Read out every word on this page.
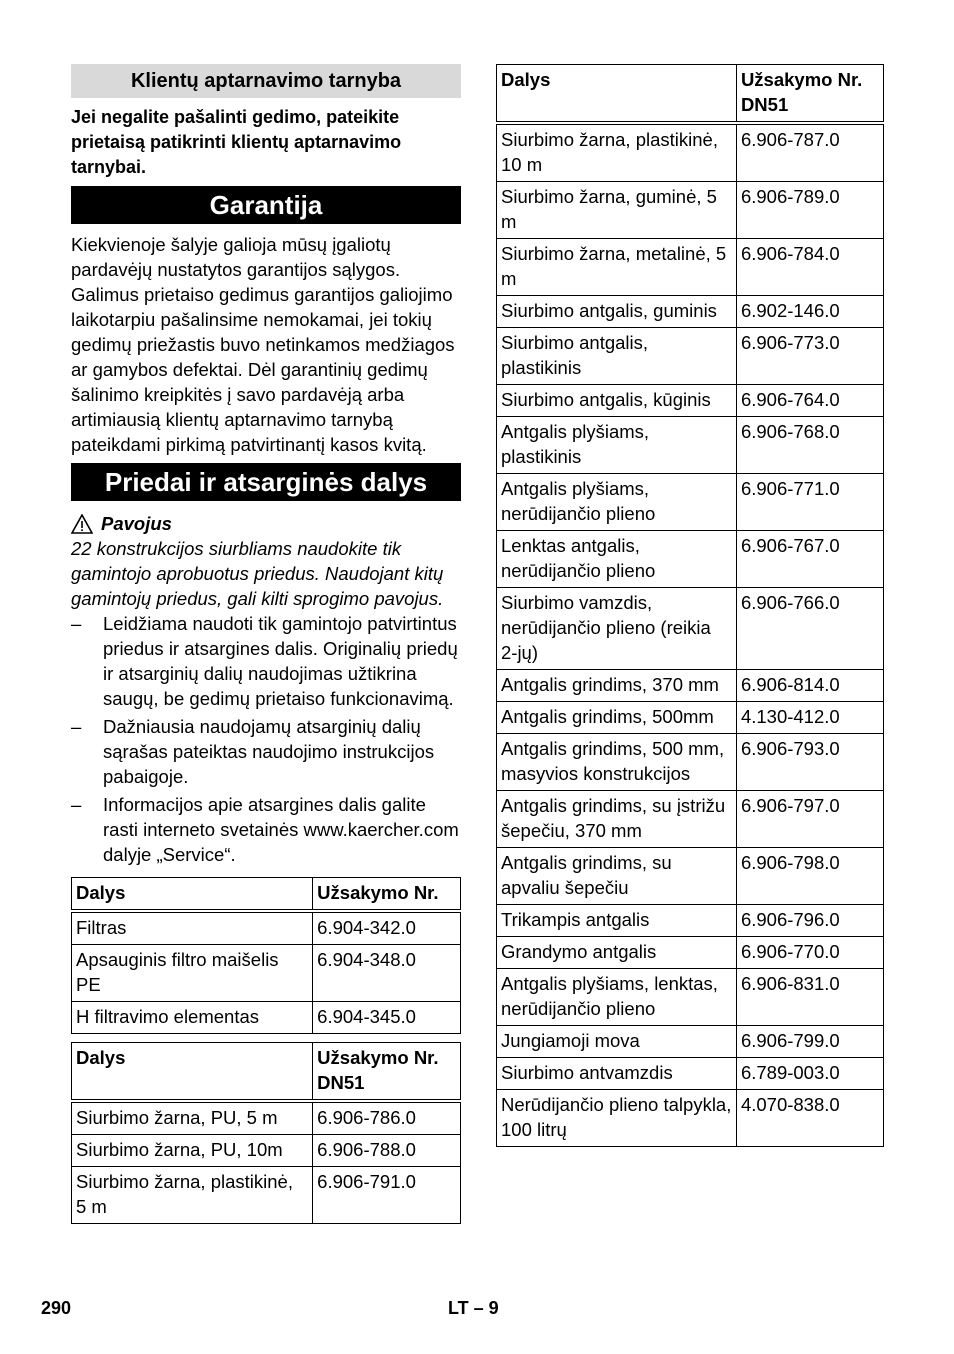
Klientų aptarnavimo tarnyba
Jei negalite pašalinti gedimo, pateikite prietaisą patikrinti klientų aptarnavimo tarnybai.
Garantija
Kiekvienoje šalyje galioja mūsų įgaliotų pardavėjų nustatytos garantijos sąlygos. Galimus prietaiso gedimus garantijos galiojimo laikotarpiu pašalinsime nemokamai, jei tokių gedimų priežastis buvo netinkamos medžiagos ar gamybos defektai. Dėl garantinių gedimų šalinimo kreipkitės į savo pardavėją arba artimiausią klientų aptarnavimo tarnybą pateikdami pirkimą patvirtinantį kasos kvitą.
Priedai ir atsarginės dalys
Pavojus
22 konstrukcijos siurbliams naudokite tik gamintojo aprobuotus priedus. Naudojant kitų gamintojų priedus, gali kilti sprogimo pavojus.
– Leidžiama naudoti tik gamintojo patvirtintus priedus ir atsargines dalis. Originalių priedų ir atsarginių dalių naudojimas užtikrina saugų, be gedimų prietaiso funkcionavimą.
– Dažniausia naudojamų atsarginių dalių sąrašas pateiktas naudojimo instrukcijos pabaigoje.
– Informacijos apie atsargines dalis galite rasti interneto svetainės www.kaercher.com dalyje „Service“.
Dalys	Užsakymo Nr.
Filtras	6.904-342.0
Apsauginis filtro maišelis PE	6.904-348.0
H filtravimo elementas	6.904-345.0
Dalys	Užsakymo Nr. DN51
Siurbimo žarna, PU, 5 m	6.906-786.0
Siurbimo žarna, PU, 10m	6.906-788.0
Siurbimo žarna, plastikinė, 5 m	6.906-791.0
Dalys	Užsakymo Nr. DN51
Siurbimo žarna, plastikinė, 10 m	6.906-787.0
Siurbimo žarna, guminė, 5 m	6.906-789.0
Siurbimo žarna, metalinė, 5 m	6.906-784.0
Siurbimo antgalis, guminis	6.902-146.0
Siurbimo antgalis, plastikinis	6.906-773.0
Siurbimo antgalis, kūginis	6.906-764.0
Antgalis plyšiams, plastikinis	6.906-768.0
Antgalis plyšiams, nerūdijančio plieno	6.906-771.0
Lenktas antgalis, nerūdijančio plieno	6.906-767.0
Siurbimo vamzdis, nerūdijančio plieno (reikia 2-jų)	6.906-766.0
Antgalis grindims, 370 mm	6.906-814.0
Antgalis grindims, 500mm	4.130-412.0
Antgalis grindims, 500 mm, masyvios konstrukcijos	6.906-793.0
Antgalis grindims, su įstrižu šepečiu, 370 mm	6.906-797.0
Antgalis grindims, su apvaliu šepečiu	6.906-798.0
Trikampis antgalis	6.906-796.0
Grandymo antgalis	6.906-770.0
Antgalis plyšiams, lenktas, nerūdijančio plieno	6.906-831.0
Jungiamoji mova	6.906-799.0
Siurbimo antvamzdis	6.789-003.0
Nerūdijančio plieno talpykla, 100 litrų	4.070-838.0
290	LT – 9
